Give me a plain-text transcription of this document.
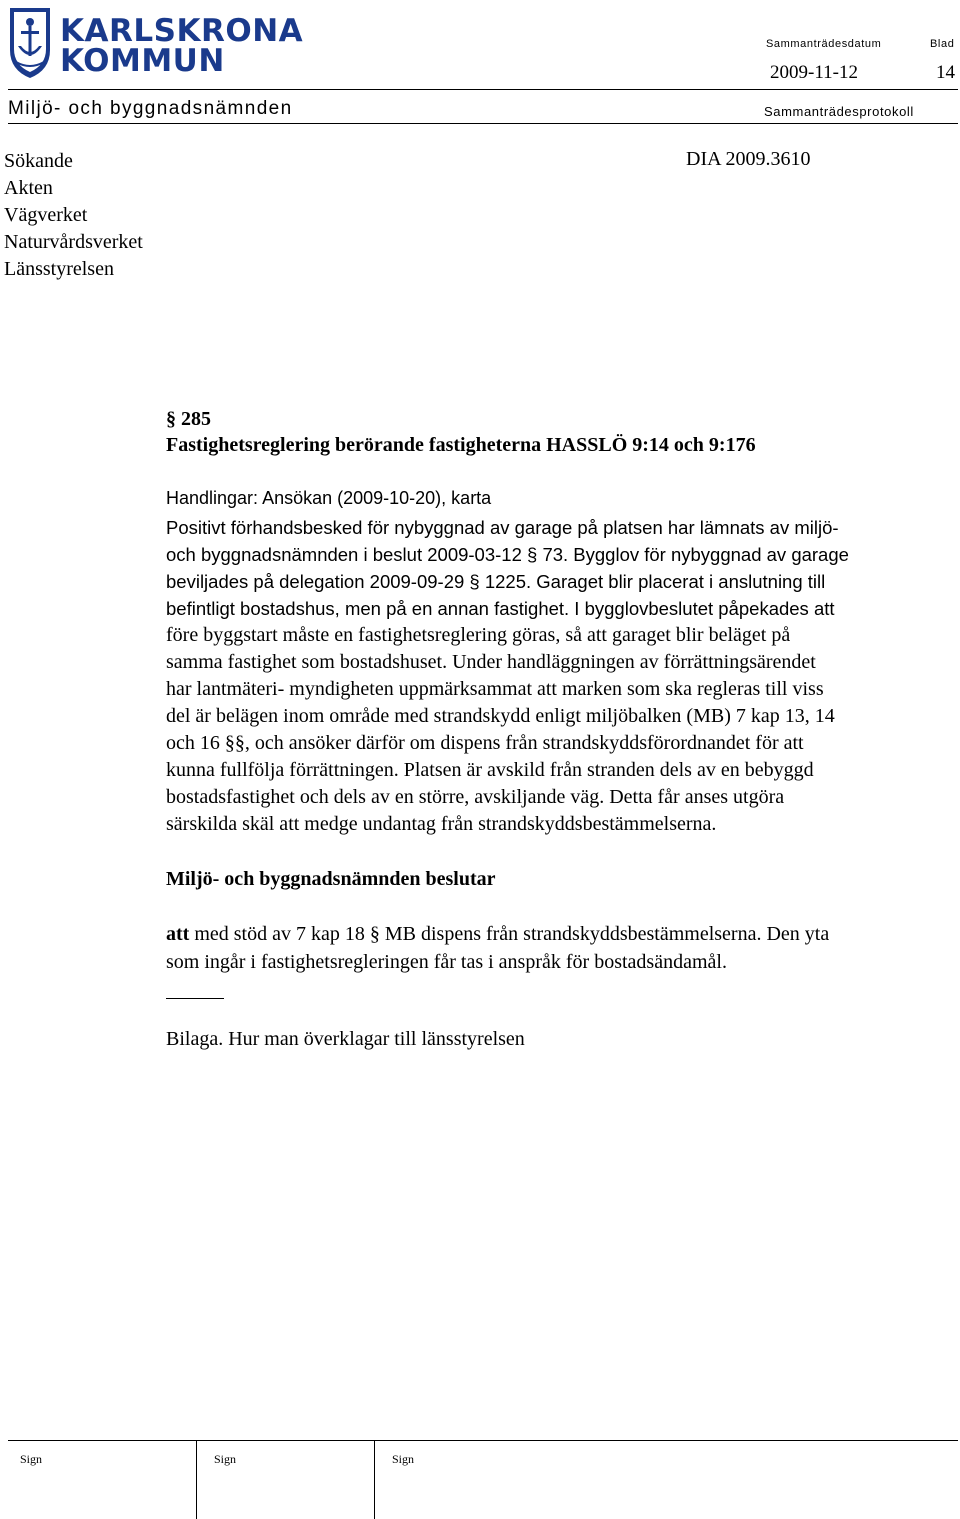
KARLSKRONA
KOMMUN	Sammanträdesdatum	Blad
2009-11-12	14
Miljö- och byggnadsnämnden	Sammanträdesprotokoll
Sökande
Akten
Vägverket
Naturvårdsverket
Länsstyrelsen
DIA 2009.3610
§ 285
Fastighetsreglering berörande fastigheterna HASSLÖ 9:14 och 9:176
Handlingar: Ansökan (2009-10-20), karta
Positivt förhandsbesked för nybyggnad av garage på platsen har lämnats av miljö-
och byggnadsnämnden i beslut 2009-03-12 § 73. Bygglov för nybyggnad av garage
beviljades på delegation 2009-09-29 § 1225. Garaget blir placerat i anslutning till
befintligt bostadshus, men på en annan fastighet. I bygglovbeslutet påpekades att
före byggstart måste en fastighetsreglering göras, så att garaget blir beläget på
samma fastighet som bostadshuset. Under handläggningen av förrättningsärendet
har lantmäteri- myndigheten uppmärksammat att marken som ska regleras till viss
del är belägen inom område med strandskydd enligt miljöbalken (MB) 7 kap 13, 14
och 16 §§, och ansöker därför om dispens från strandskyddsförordnandet för att
kunna fullfölja förrättningen. Platsen är avskild från stranden dels av en bebyggd
bostadsfastighet och dels av en större, avskiljande väg. Detta får anses utgöra
särskilda skäl att medge undantag från strandskyddsbestämmelserna.
Miljö- och byggnadsnämnden beslutar
att med stöd av 7 kap 18 § MB dispens från strandskyddsbestämmelserna. Den yta
som ingår i fastighetsregleringen får tas i anspråk för bostadsändamål.
Bilaga. Hur man överklagar till länsstyrelsen
Sign	Sign	Sign
